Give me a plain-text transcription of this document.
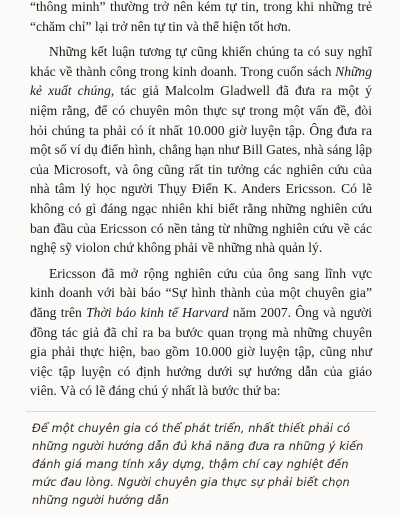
“thông minh” thường trở nên kém tự tin, trong khi những trẻ “chăm chỉ” lại trở nên tự tin và thể hiện tốt hơn.

Những kết luận tương tự cũng khiến chúng ta có suy nghĩ khác về thành công trong kinh doanh. Trong cuốn sách Những kẻ xuất chúng, tác giả Malcolm Gladwell đã đưa ra một ý niệm rằng, để có chuyên môn thực sự trong một vấn đề, đòi hỏi chúng ta phải có ít nhất 10.000 giờ luyện tập. Ông đưa ra một số ví dụ điển hình, chẳng hạn như Bill Gates, nhà sáng lập của Microsoft, và ông cũng rất tin tưởng các nghiên cứu của nhà tâm lý học người Thụy Điển K. Anders Ericsson. Có lẽ không có gì đáng ngạc nhiên khi biết rằng những nghiên cứu ban đầu của Ericsson có nền tảng từ những nghiên cứu về các nghệ sỹ violon chứ không phải về những nhà quản lý.

Ericsson đã mở rộng nghiên cứu của ông sang lĩnh vực kinh doanh với bài báo “Sự hình thành của một chuyên gia” đăng trên Thời báo kinh tế Harvard năm 2007. Ông và người đồng tác giả đã chỉ ra ba bước quan trọng mà những chuyên gia phải thực hiện, bao gồm 10.000 giờ luyện tập, cũng như việc tập luyện có định hướng dưới sự hướng dẫn của giáo viên. Và có lẽ đáng chú ý nhất là bước thứ ba:

Để một chuyên gia có thể phát triển, nhất thiết phải có những người hướng dẫn đủ khả năng đưa ra những ý kiến đánh giá mang tính xây dựng, thậm chí cay nghiệt đến mức đau lòng. Người chuyên gia thực sự phải biết chọn những người hướng dẫn
